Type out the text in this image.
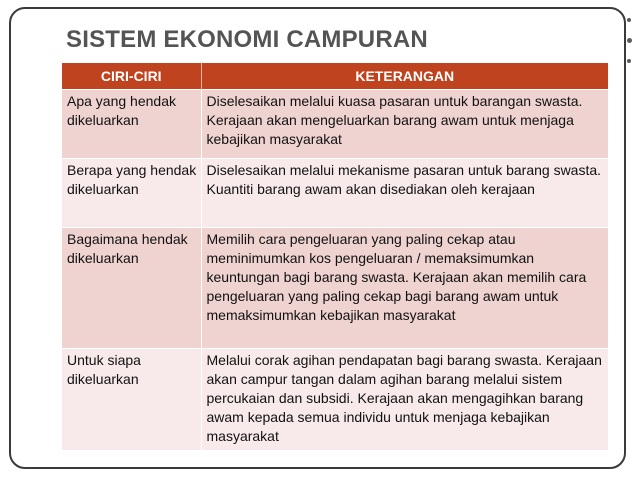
SISTEM EKONOMI CAMPURAN
CIRI-CIRI	KETERANGAN
Apa yang hendak dikeluarkan	Diselesaikan melalui kuasa pasaran untuk barangan swasta. Kerajaan akan mengeluarkan barang awam untuk menjaga kebajikan masyarakat
Berapa yang hendak dikeluarkan	Diselesaikan melalui mekanisme pasaran untuk barang swasta. Kuantiti barang awam akan disediakan oleh kerajaan
Bagaimana hendak dikeluarkan	Memilih cara pengeluaran yang paling cekap atau meminimumkan kos pengeluaran / memaksimumkan keuntungan bagi barang swasta. Kerajaan akan memilih cara pengeluaran yang paling cekap bagi barang awam untuk memaksimumkan kebajikan masyarakat
Untuk siapa dikeluarkan	Melalui corak agihan pendapatan bagi barang swasta. Kerajaan akan campur tangan dalam agihan barang melalui sistem percukaian dan subsidi. Kerajaan akan mengagihkan barang awam kepada semua individu untuk menjaga kebajikan masyarakat
